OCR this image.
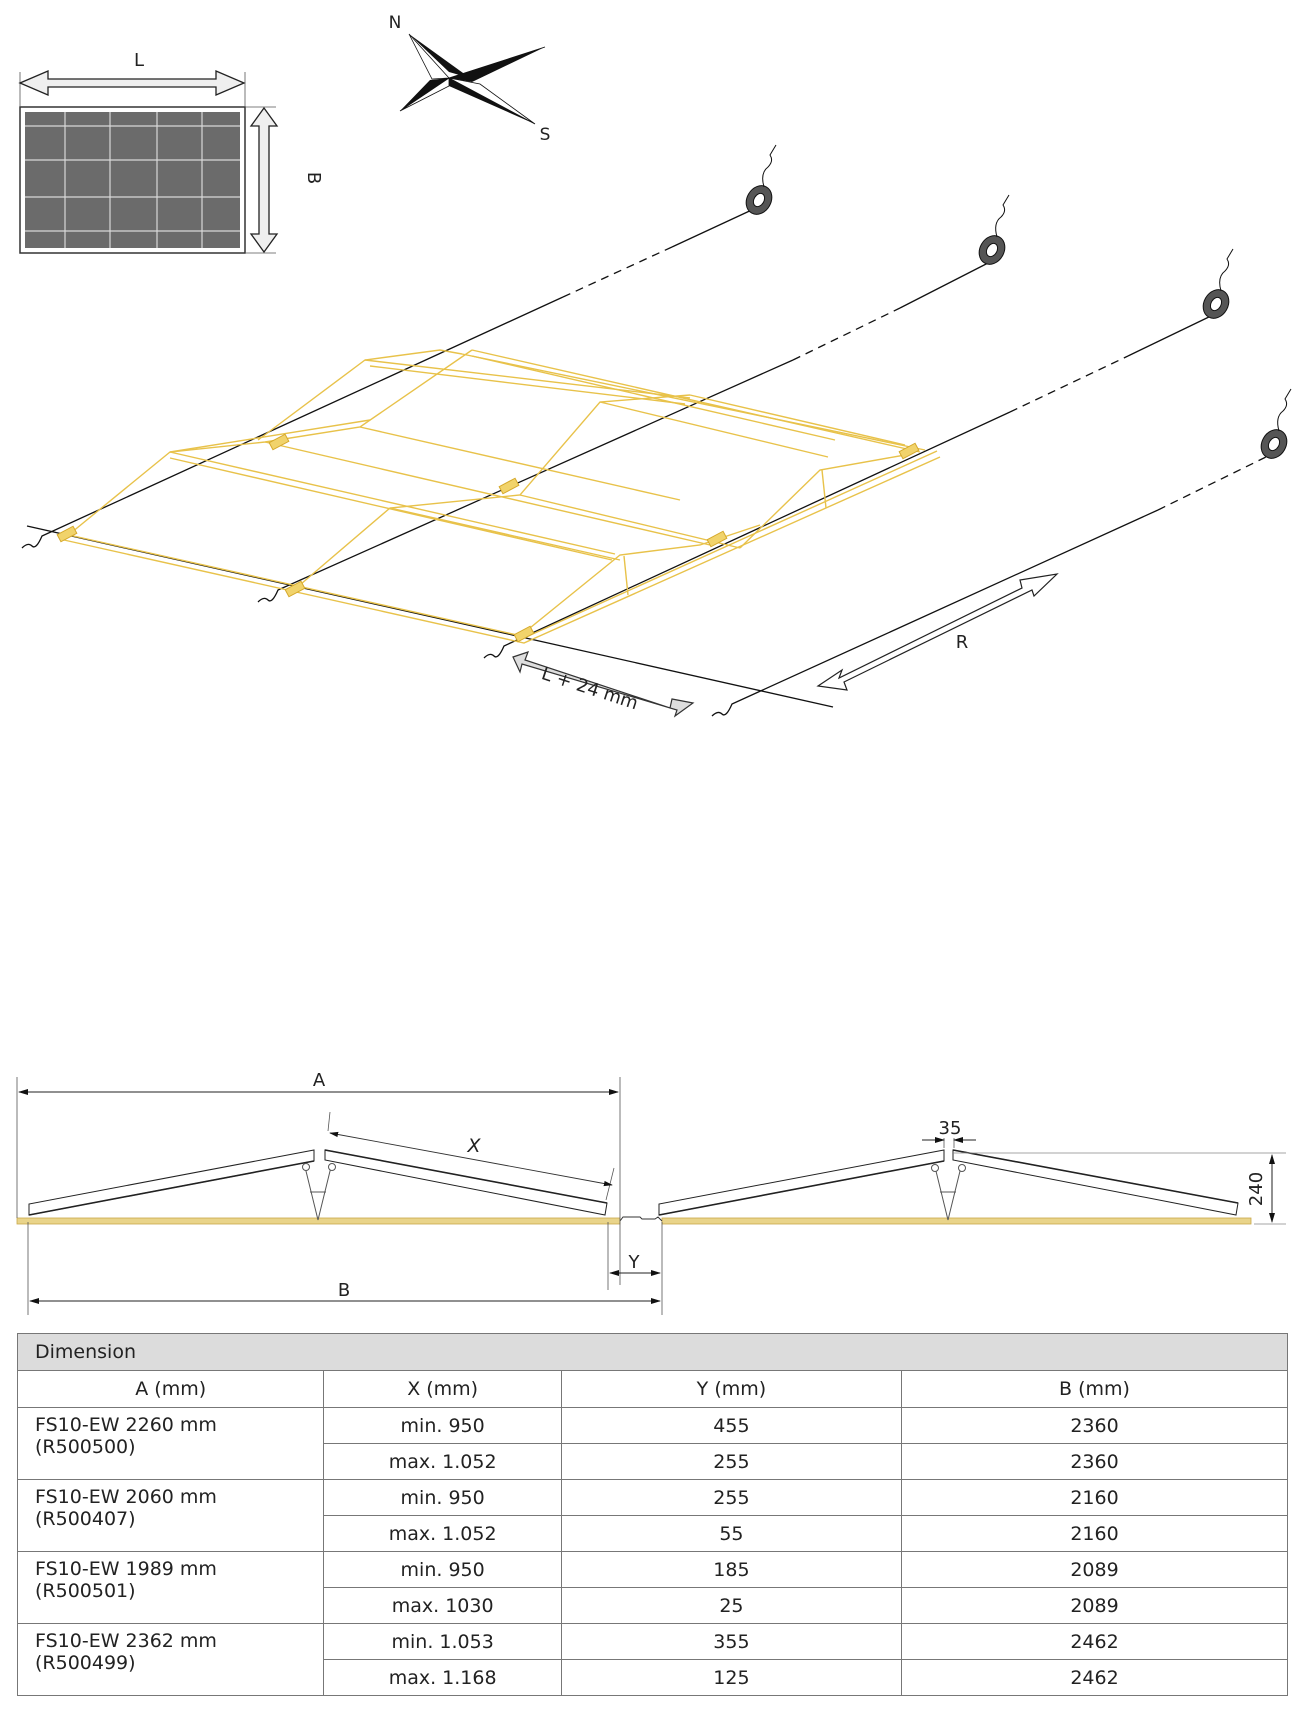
L
B
N
S
L + 24 mm
R
A
X
B
Y
35
240
Dimension			
A (mm)	X (mm)	Y (mm)	B (mm)
FS10-EW 2260 mm (R500500)	min. 950	455	2360
	max. 1.052	255	2360
FS10-EW 2060 mm (R500407)	min. 950	255	2160
	max. 1.052	55	2160
FS10-EW 1989 mm (R500501)	min. 950	185	2089
	max. 1030	25	2089
FS10-EW 2362 mm (R500499)	min. 1.053	355	2462
	max. 1.168	125	2462
